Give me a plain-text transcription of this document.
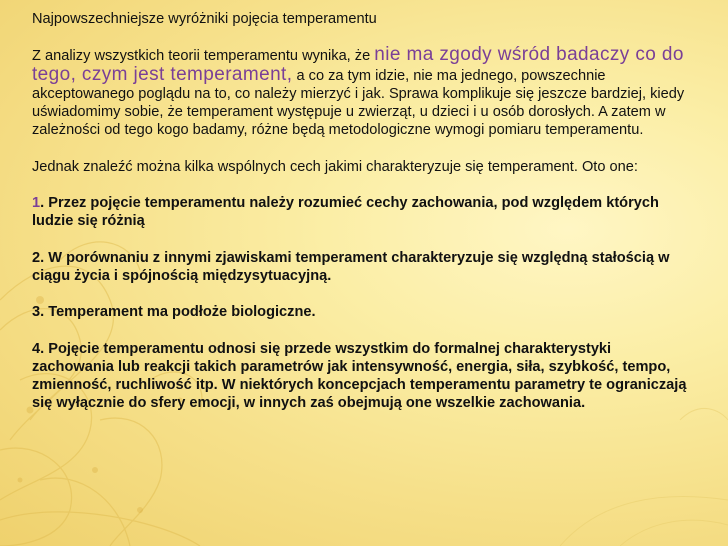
Najpowszechniejsze wyróżniki pojęcia temperamentu

Z analizy wszystkich teorii temperamentu wynika, że nie ma zgody wśród badaczy co do tego, czym jest temperament, a co za tym idzie, nie ma jednego, powszechnie akceptowanego poglądu na to, co należy mierzyć i jak. Sprawa komplikuje się jeszcze bardziej, kiedy uświadomimy sobie, że temperament występuje u zwierząt, u dzieci i u osób dorosłych. A zatem w zależności od tego kogo badamy, różne będą metodologiczne wymogi pomiaru temperamentu.

Jednak znaleźć można kilka wspólnych cech jakimi charakteryzuje się temperament. Oto one:

1. Przez pojęcie temperamentu należy rozumieć cechy zachowania, pod względem których ludzie się różnią

2. W porównaniu z innymi zjawiskami temperament charakteryzuje się względną stałością w ciągu życia i spójnością międzysytuacyjną.

3. Temperament ma podłoże biologiczne.

4. Pojęcie temperamentu odnosi się przede wszystkim do formalnej charakterystyki zachowania lub reakcji takich parametrów jak intensywność, energia, siła, szybkość, tempo, zmienność, ruchliwość itp. W niektórych koncepcjach temperamentu parametry te ograniczają się wyłącznie do sfery emocji, w innych zaś obejmują one wszelkie zachowania.
